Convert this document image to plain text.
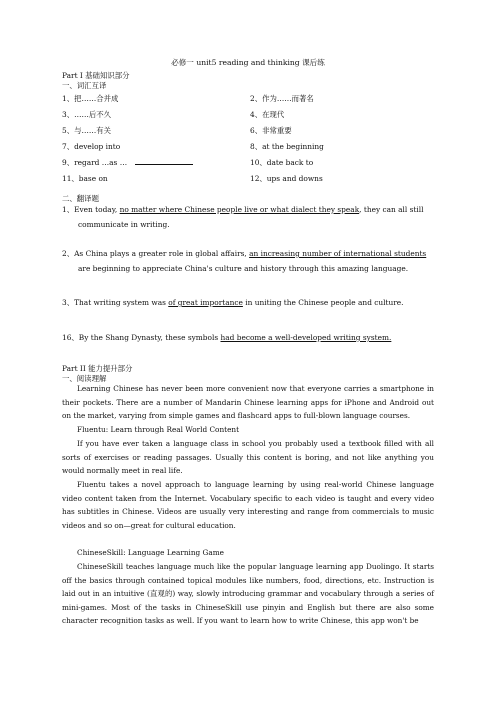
必修一 unit5 reading and thinking 课后练
Part I 基础知识部分
一、词汇互译
1、把……合并成	2、作为……而著名
3、……后不久	4、在现代
5、与……有关	6、非常重要
7、develop into	8、at the beginning
9、regard …as …	10、date back to
11、base on	12、ups and downs
二、翻译题
1、Even today, no matter where Chinese people live or what dialect they speak, they can all still
communicate in writing.
2、As China plays a greater role in global affairs, an increasing number of international students
are beginning to appreciate China's culture and history through this amazing language.
3、That writing system was of great importance in uniting the Chinese people and culture.
16、By the Shang Dynasty, these symbols had become a well-developed writing system.
Part II 能力提升部分
一、阅读理解
Learning Chinese has never been more convenient now that everyone carries a smartphone in their pockets. There are a number of Mandarin Chinese learning apps for iPhone and Android out on the market, varying from simple games and flashcard apps to full-blown language courses.
Fluentu: Learn through Real World Content
If you have ever taken a language class in school you probably used a textbook filled with all sorts of exercises or reading passages. Usually this content is boring, and not like anything you would normally meet in real life.
Fluentu takes a novel approach to language learning by using real-world Chinese language video content taken from the Internet. Vocabulary specific to each video is taught and every video has subtitles in Chinese. Videos are usually very interesting and range from commercials to music videos and so on—great for cultural education.
ChineseSkill: Language Learning Game
ChineseSkill teaches language much like the popular language learning app Duolingo. It starts off the basics through contained topical modules like numbers, food, directions, etc. Instruction is laid out in an intuitive (直观的) way, slowly introducing grammar and vocabulary through a series of mini-games. Most of the tasks in ChineseSkill use pinyin and English but there are also some character recognition tasks as well. If you want to learn how to write Chinese, this app won't be
